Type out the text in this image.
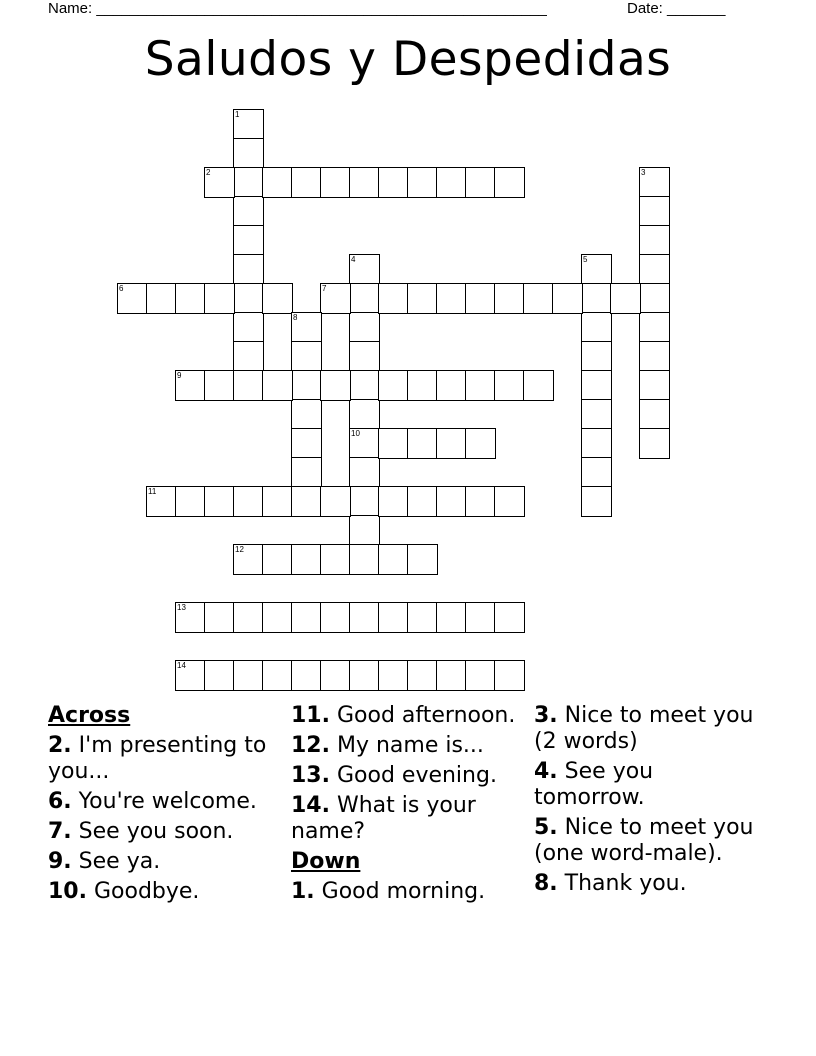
Name: ______________________________________________________	Date: _______
Saludos y Despedidas
1
2	3
4
10
5
6	7
8
9
11
12
13
14
Across
2. I'm presenting to you...
6. You're welcome.
7. See you soon.
9. See ya.
10. Goodbye.
11. Good afternoon.
12. My name is...
13. Good evening.
14. What is your name?
Down
1. Good morning.
3. Nice to meet you (2 words)
4. See you tomorrow.
5. Nice to meet you (one word-male).
8. Thank you.
